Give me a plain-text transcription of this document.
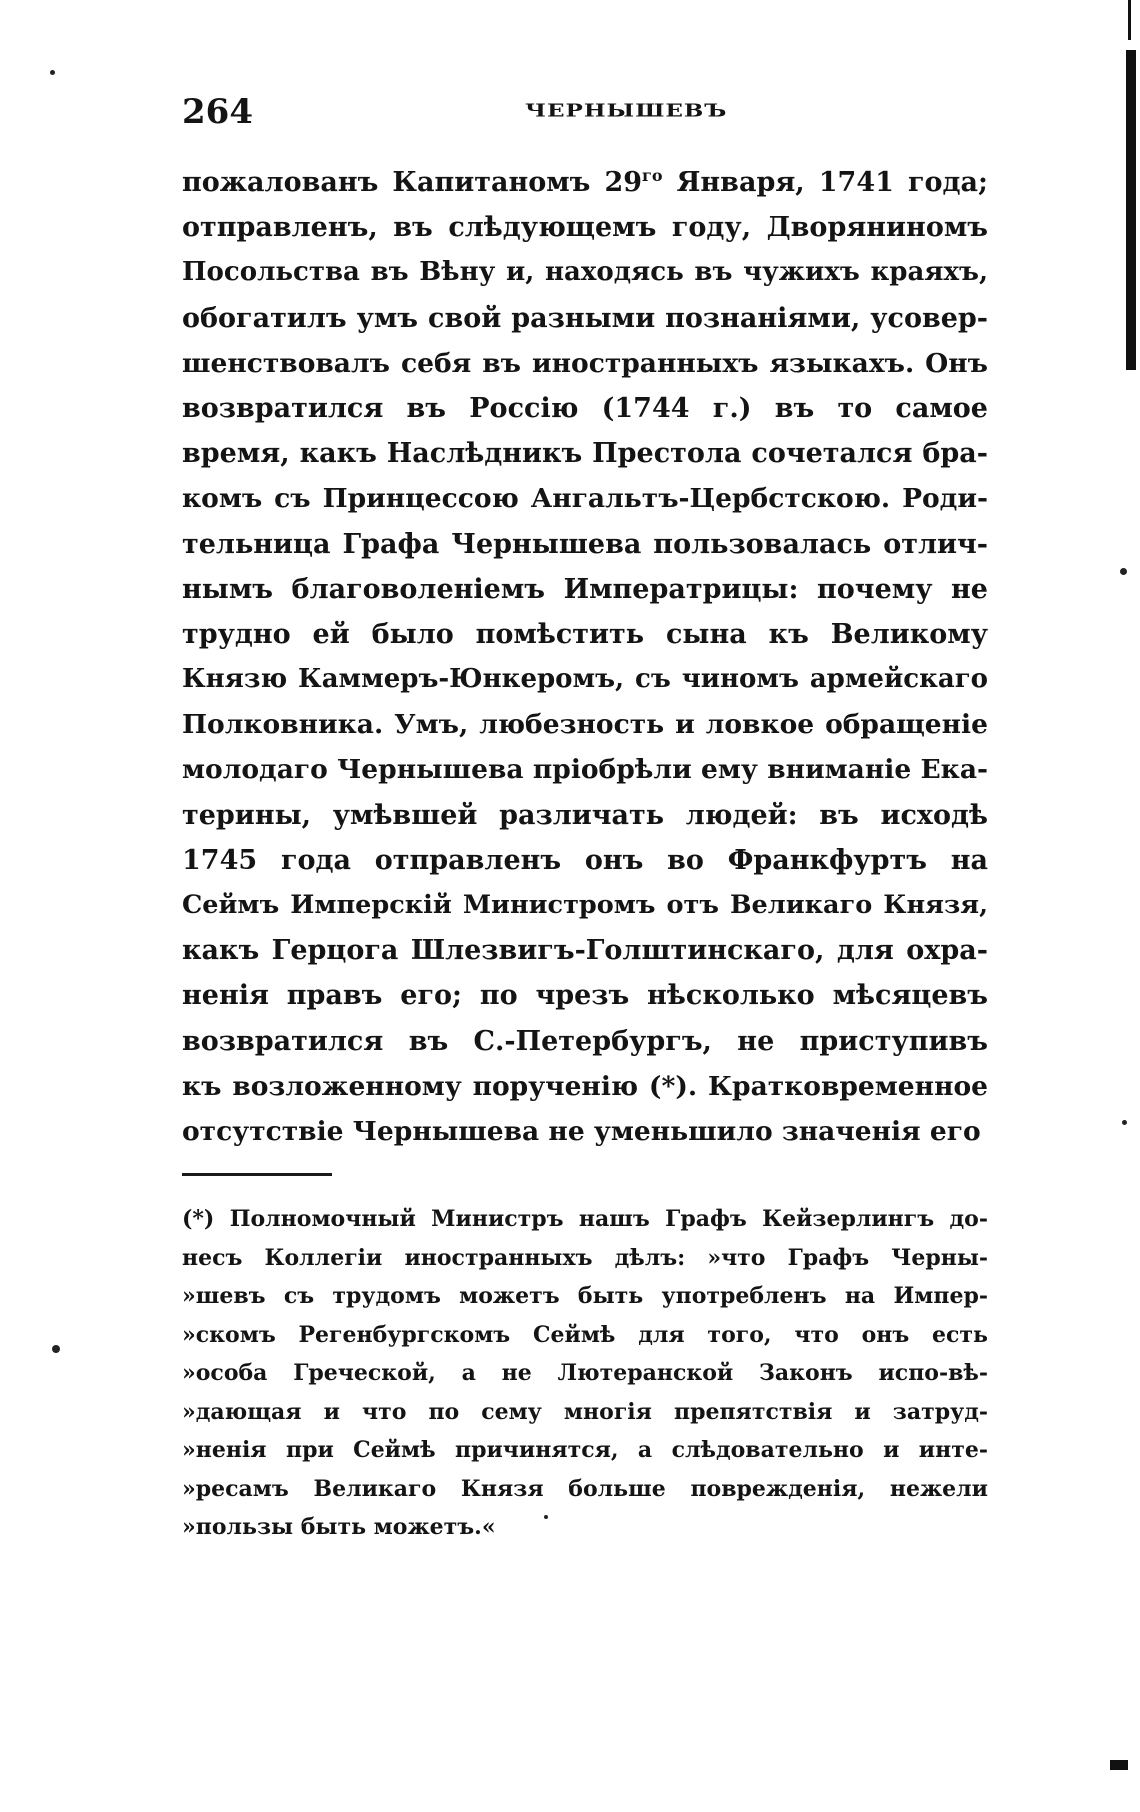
264	ЧЕРНЫШЕВЪ
пожалованъ Капитаномъ $29^{го}$ Января, 1741 года;
отправленъ, въ слѣдующемъ году, Дворяниномъ
Посольства въ Вѣну и, находясь въ чужихъ краяхъ,
обогатилъ умъ свой разными познаніями, усовер-
шенствовалъ себя въ иностранныхъ языкахъ. Онъ
возвратился въ Россію (1744 г.) въ то самое
время, какъ Наслѣдникъ Престола сочетался бра-
комъ съ Принцессою Ангальтъ-Цербстскою. Роди-
тельница Графа Чернышева пользовалась отлич-
нымъ благоволеніемъ Императрицы: почему не
трудно ей было помѣстить сына къ Великому
Князю Каммеръ-Юнкеромъ, съ чиномъ армейскаго
Полковника. Умъ, любезность и ловкое обращеніе
молодаго Чернышева пріобрѣли ему вниманіе Ека-
терины, умѣвшей различать людей: въ исходѣ
1745 года отправленъ онъ во Франкфуртъ на
Сеймъ Имперскій Министромъ отъ Великаго Князя,
какъ Герцога Шлезвигъ-Голштинскаго, для охра-
ненія правъ его; по чрезъ нѣсколько мѣсяцевъ
возвратился въ С.-Петербургъ, не приступивъ
къ возложенному порученію (*). Кратковременное
отсутствіе Чернышева не уменьшило значенія его
(*) Полномочный Министръ нашъ Графъ Кейзерлингъ до-
несъ Коллегіи иностранныхъ дѣлъ: »что Графъ Черны-
»шевъ съ трудомъ можетъ быть употребленъ на Импер-
»скомъ Регенбургскомъ Сеймѣ для того, что онъ есть
»особа Греческой, а не Лютеранской Законъ испо-вѣ-
»дающая и что по сему многія препятствія и затруд-
»ненія при Сеймѣ причинятся, а слѣдовательно и инте-
»ресамъ Великаго Князя больше поврежденія, нежели
»пользы быть можетъ.«
